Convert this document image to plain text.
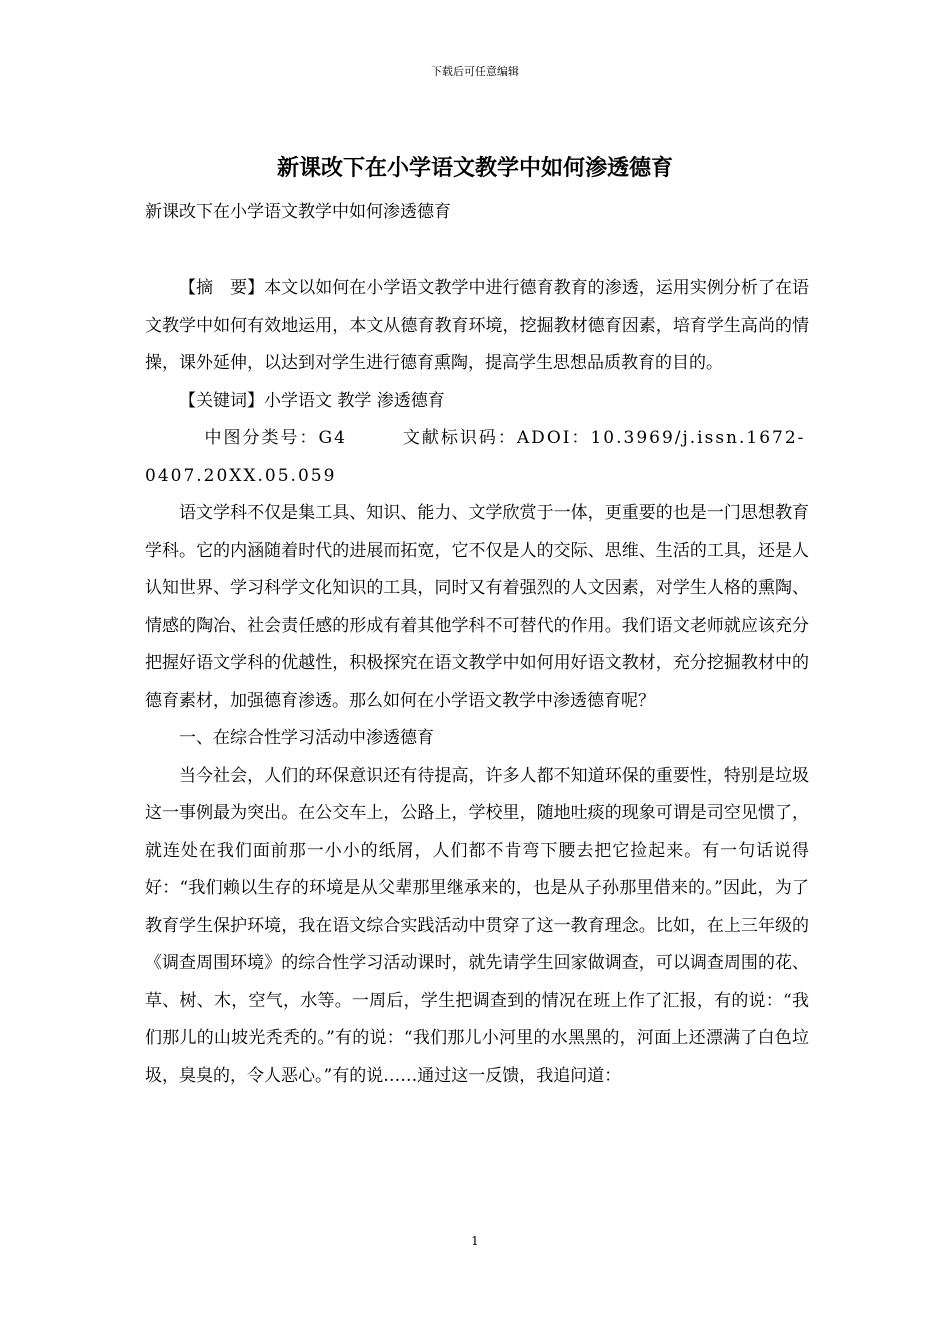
下载后可任意编辑
新课改下在小学语文教学中如何渗透德育
新课改下在小学语文教学中如何渗透德育

【摘　要】本文以如何在小学语文教学中进行德育教育的渗透，运用实例分析了在语文教学中如何有效地运用，本文从德育教育环境，挖掘教材德育因素，培育学生高尚的情操，课外延伸，以达到对学生进行德育熏陶，提高学生思想品质教育的目的。

【关键词】小学语文 教学 渗透德育

中图分类号：G4	文献标识码：ADOI：10.3969/j.issn.1672-0407.20XX.05.059

语文学科不仅是集工具、知识、能力、文学欣赏于一体，更重要的也是一门思想教育学科。它的内涵随着时代的进展而拓宽，它不仅是人的交际、思维、生活的工具，还是人认知世界、学习科学文化知识的工具，同时又有着强烈的人文因素，对学生人格的熏陶、情感的陶冶、社会责任感的形成有着其他学科不可替代的作用。我们语文老师就应该充分把握好语文学科的优越性，积极探究在语文教学中如何用好语文教材，充分挖掘教材中的德育素材，加强德育渗透。那么如何在小学语文教学中渗透德育呢？

一、在综合性学习活动中渗透德育

当今社会，人们的环保意识还有待提高，许多人都不知道环保的重要性，特别是垃圾这一事例最为突出。在公交车上，公路上，学校里，随地吐痰的现象可谓是司空见惯了，就连处在我们面前那一小小的纸屑，人们都不肯弯下腰去把它捡起来。有一句话说得好：“我们赖以生存的环境是从父辈那里继承来的，也是从子孙那里借来的。”因此，为了教育学生保护环境，我在语文综合实践活动中贯穿了这一教育理念。比如，在上三年级的《调查周围环境》的综合性学习活动课时，就先请学生回家做调查，可以调查周围的花、草、树、木，空气，水等。一周后，学生把调查到的情况在班上作了汇报，有的说：“我们那儿的山坡光秃秃的。”有的说：“我们那儿小河里的水黑黑的，河面上还漂满了白色垃圾，臭臭的，令人恶心。”有的说……通过这一反馈，我追问道：

1
